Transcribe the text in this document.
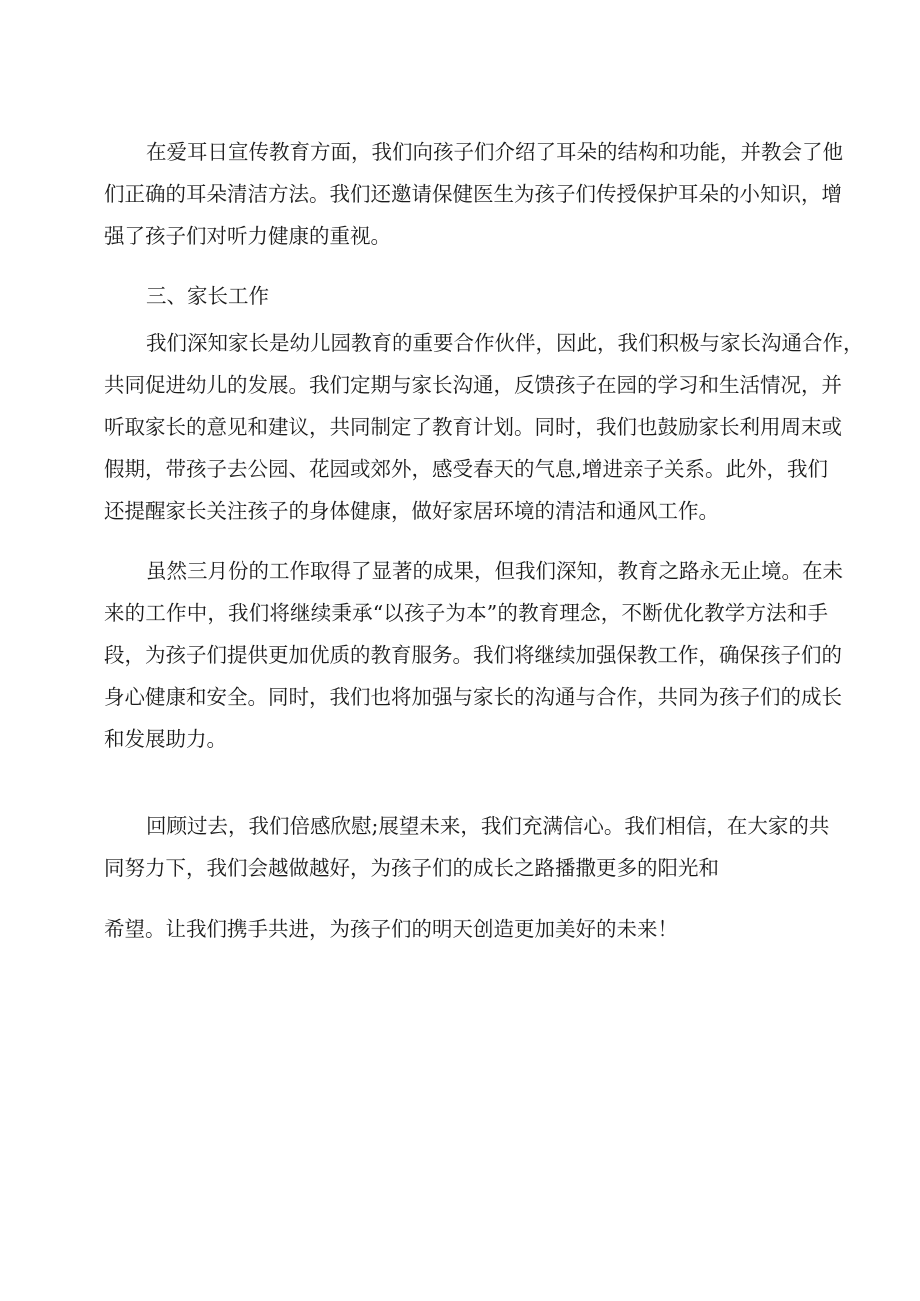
在爱耳日宣传教育方面，我们向孩子们介绍了耳朵的结构和功能，并教会了他
们正确的耳朵清洁方法。我们还邀请保健医生为孩子们传授保护耳朵的小知识，增
强了孩子们对听力健康的重视。
三、家长工作
我们深知家长是幼儿园教育的重要合作伙伴，因此，我们积极与家长沟通合作，
共同促进幼儿的发展。我们定期与家长沟通，反馈孩子在园的学习和生活情况，并
听取家长的意见和建议，共同制定了教育计划。同时，我们也鼓励家长利用周末或
假期，带孩子去公园、花园或郊外，感受春天的气息,增进亲子关系。此外，我们
还提醒家长关注孩子的身体健康，做好家居环境的清洁和通风工作。
虽然三月份的工作取得了显著的成果，但我们深知，教育之路永无止境。在未
来的工作中，我们将继续秉承“以孩子为本”的教育理念，不断优化教学方法和手
段，为孩子们提供更加优质的教育服务。我们将继续加强保教工作，确保孩子们的
身心健康和安全。同时，我们也将加强与家长的沟通与合作，共同为孩子们的成长
和发展助力。
回顾过去，我们倍感欣慰;展望未来，我们充满信心。我们相信，在大家的共
同努力下，我们会越做越好，为孩子们的成长之路播撒更多的阳光和
希望。让我们携手共进，为孩子们的明天创造更加美好的未来！
